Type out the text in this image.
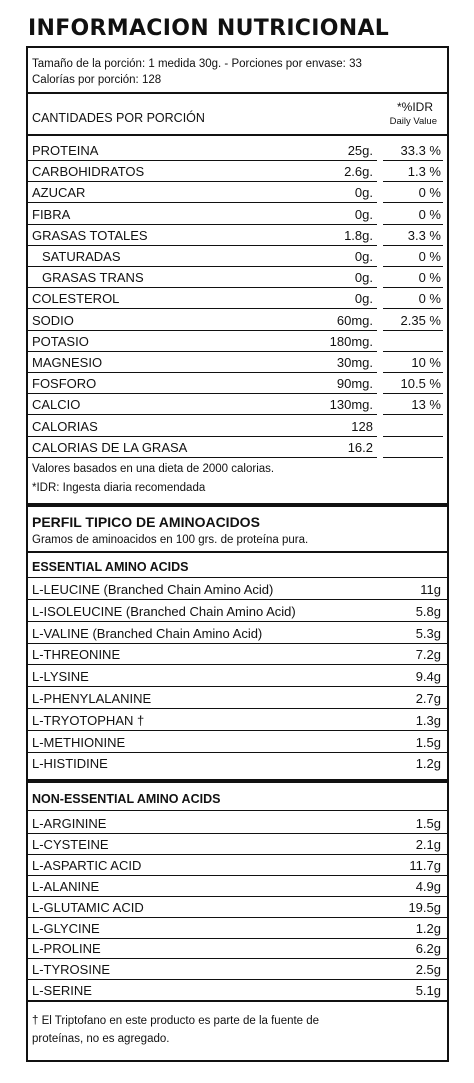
INFORMACION NUTRICIONAL
Tamaño de la porción: 1 medida 30g. - Porciones por envase: 33
Calorías por porción: 128
CANTIDADES POR PORCIÓN
*%IDR
Daily Value
PROTEINA	25g.	33.3 %
CARBOHIDRATOS	2.6g.	1.3 %
AZUCAR	0g.	0 %
FIBRA	0g.	0 %
GRASAS TOTALES	1.8g.	3.3 %
SATURADAS	0g.	0 %
GRASAS TRANS	0g.	0 %
COLESTEROL	0g.	0 %
SODIO	60mg.	2.35 %
POTASIO	180mg.
MAGNESIO	30mg.	10 %
FOSFORO	90mg.	10.5 %
CALCIO	130mg.	13 %
CALORIAS	128
CALORIAS DE LA GRASA	16.2
Valores basados en una dieta de 2000 calorias.
*IDR: Ingesta diaria recomendada
PERFIL TIPICO DE AMINOACIDOS
Gramos de aminoacidos en 100 grs. de proteína pura.
ESSENTIAL AMINO ACIDS
L-LEUCINE (Branched Chain Amino Acid)	11g
L-ISOLEUCINE (Branched Chain Amino Acid)	5.8g
L-VALINE (Branched Chain Amino Acid)	5.3g
L-THREONINE	7.2g
L-LYSINE	9.4g
L-PHENYLALANINE	2.7g
L-TRYOTOPHAN †	1.3g
L-METHIONINE	1.5g
L-HISTIDINE	1.2g
NON-ESSENTIAL AMINO ACIDS
L-ARGININE	1.5g
L-CYSTEINE	2.1g
L-ASPARTIC ACID	11.7g
L-ALANINE	4.9g
L-GLUTAMIC ACID	19.5g
L-GLYCINE	1.2g
L-PROLINE	6.2g
L-TYROSINE	2.5g
L-SERINE	5.1g
† El Triptofano en este producto es parte de la fuente de
proteínas, no es agregado.
